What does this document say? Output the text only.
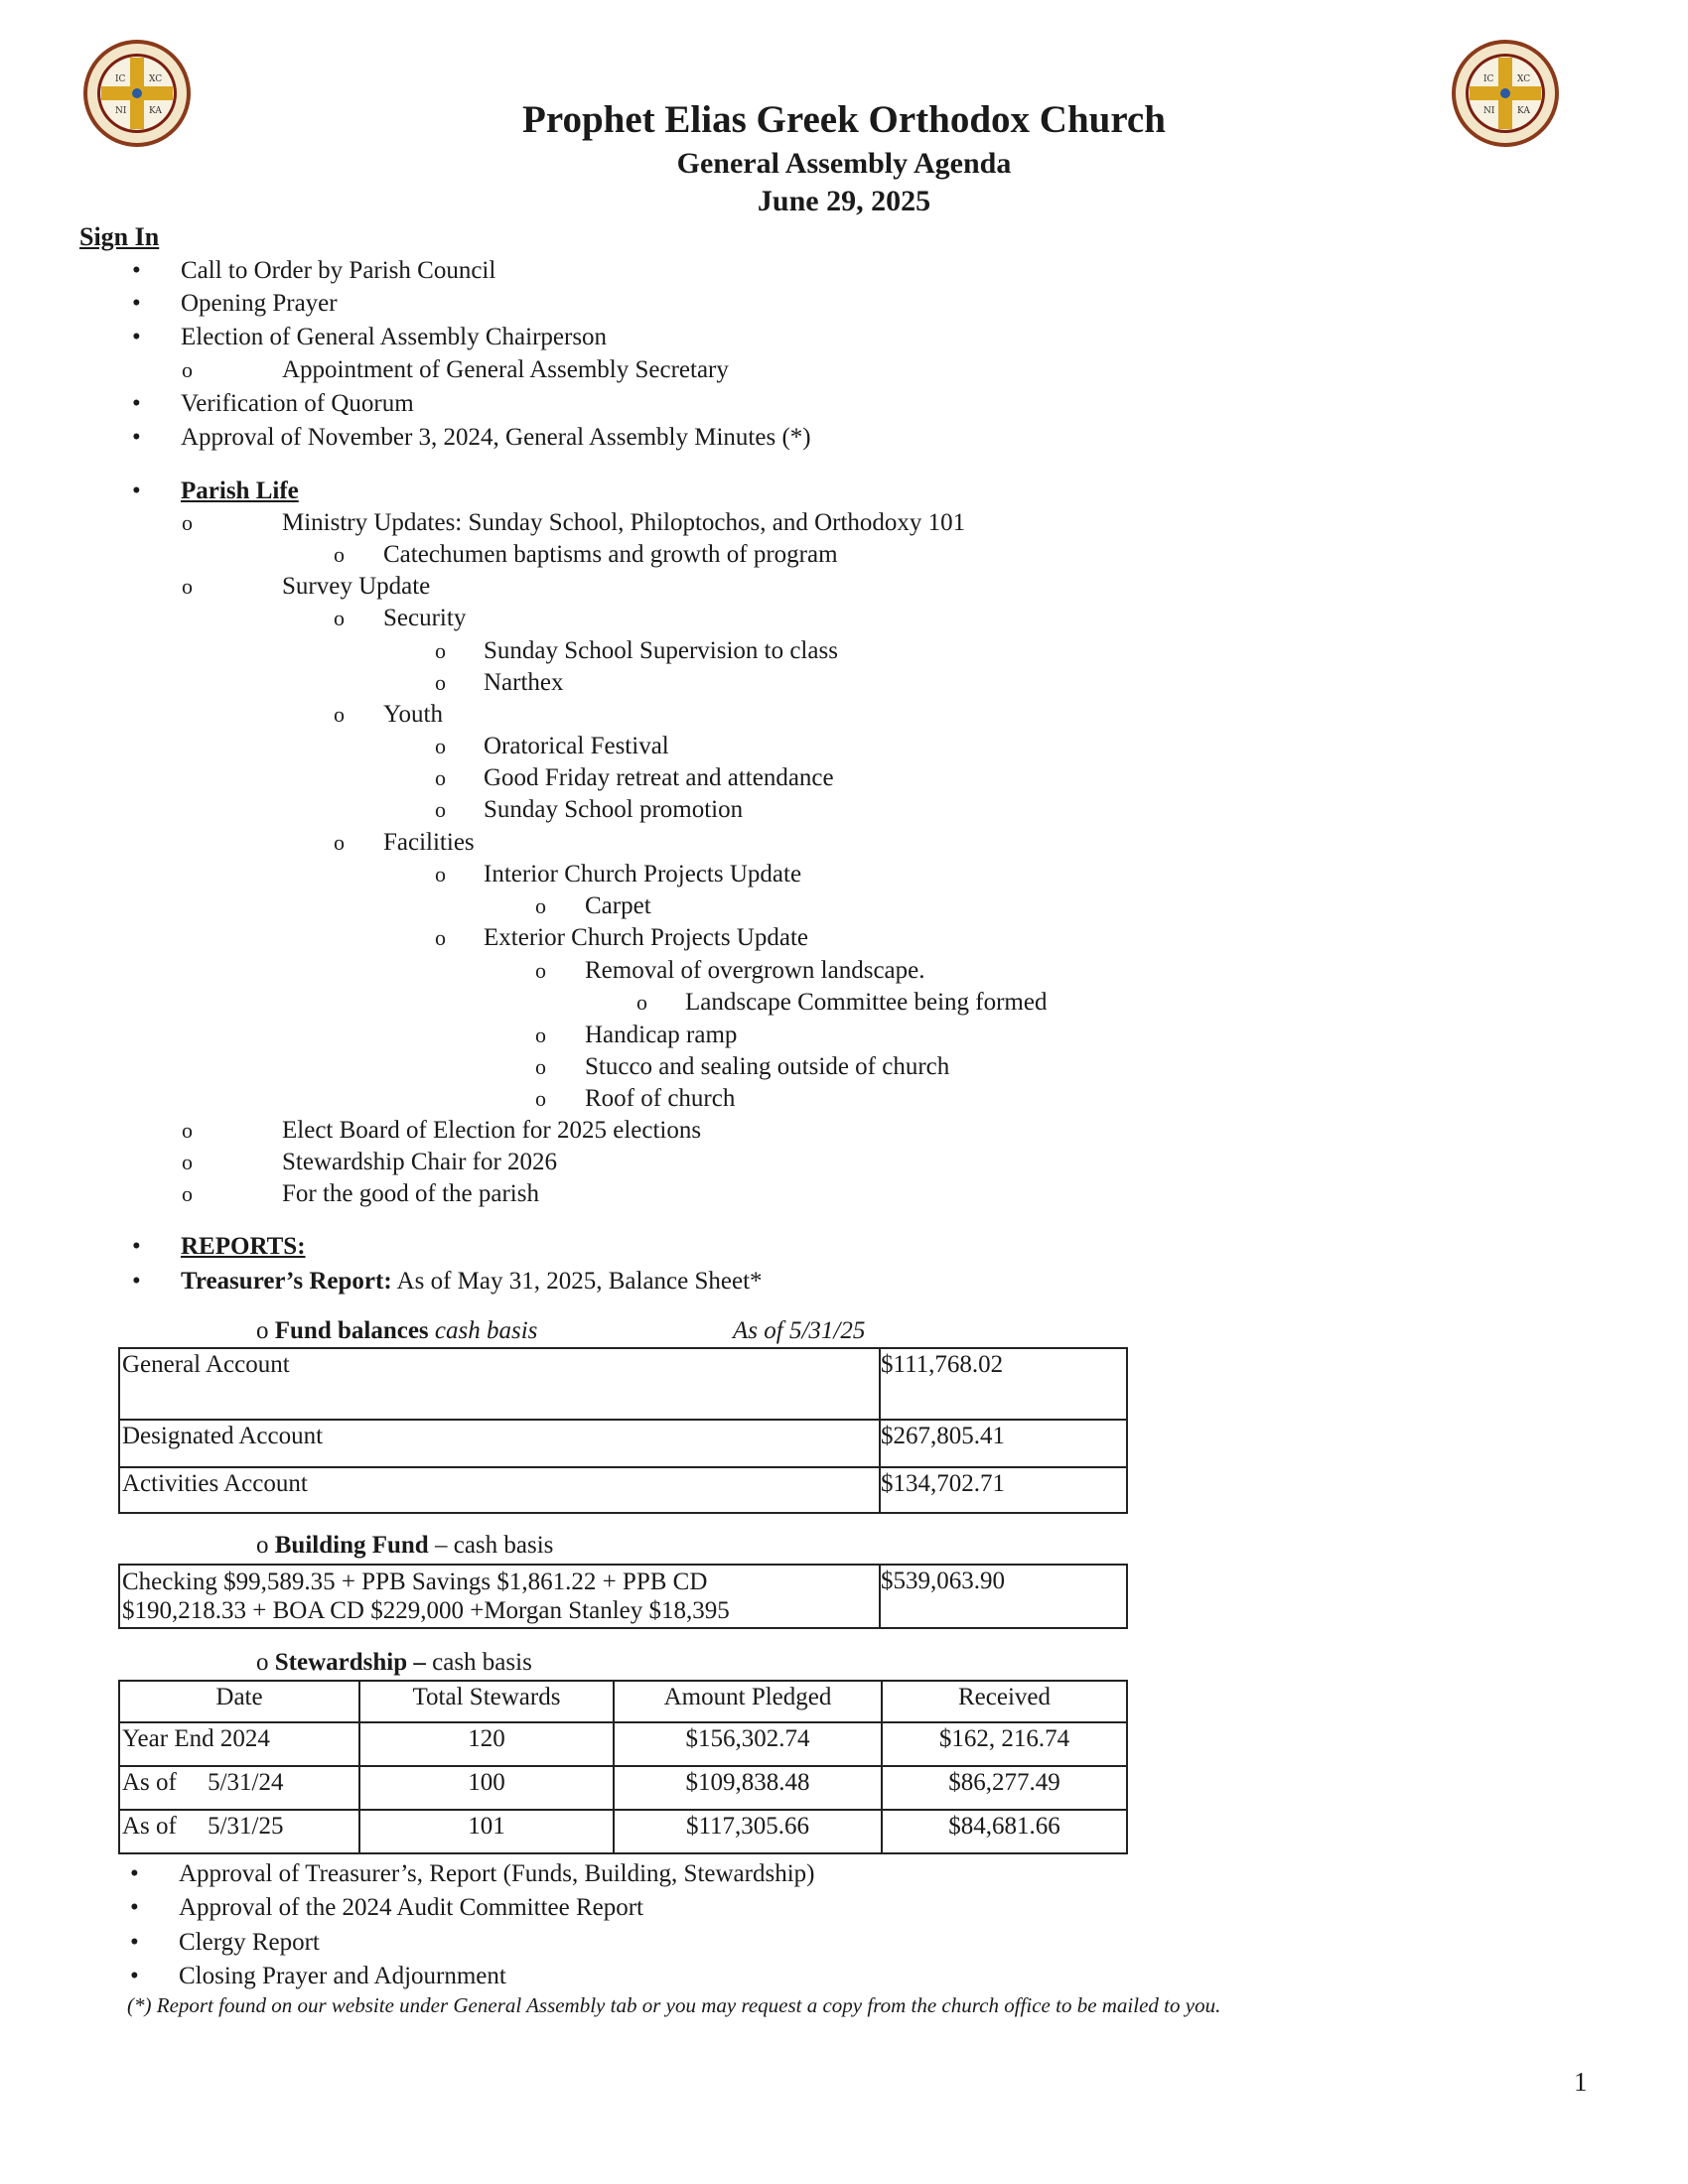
IC	XC
NI	KA
IC	XC
NI	KA
Prophet Elias Greek Orthodox Church
General Assembly Agenda
June 29, 2025
Sign In
• Call to Order by Parish Council
• Opening Prayer
• Election of General Assembly Chairperson
o	Appointment of General Assembly Secretary
• Verification of Quorum
• Approval of November 3, 2024, General Assembly Minutes (*)
• Parish Life
o	Ministry Updates: Sunday School, Philoptochos, and Orthodoxy 101
o Catechumen baptisms and growth of program
o	Survey Update
o Security
o Sunday School Supervision to class
o Narthex
o Youth
o Oratorical Festival
o Good Friday retreat and attendance
o Sunday School promotion
o Facilities
o Interior Church Projects Update
o Carpet
o Exterior Church Projects Update
o Removal of overgrown landscape.
o Landscape Committee being formed
o Handicap ramp
o Stucco and sealing outside of church
o Roof of church
o	Elect Board of Election for 2025 elections
o	Stewardship Chair for 2026
o	For the good of the parish
• REPORTS:
• Treasurer’s Report: As of May 31, 2025, Balance Sheet*
o Fund balances cash basis	As of 5/31/25
General Account	$111,768.02
Designated Account	$267,805.41
Activities Account	$134,702.71
o Building Fund – cash basis
Checking $99,589.35 + PPB Savings $1,861.22 + PPB CD
$190,218.33 + BOA CD $229,000 +Morgan Stanley $18,395
	$539,063.90
o Stewardship – cash basis
Date	Total Stewards	Amount Pledged	Received
Year End 2024	120	$156,302.74	$162, 216.74
As of     5/31/24	100	$109,838.48	$86,277.49
As of     5/31/25	101	$117,305.66	$84,681.66
• Approval of Treasurer’s, Report (Funds, Building, Stewardship)
• Approval of the 2024 Audit Committee Report
• Clergy Report
• Closing Prayer and Adjournment
(*) Report found on our website under General Assembly tab or you may request a copy from the church office to be mailed to you.
1
